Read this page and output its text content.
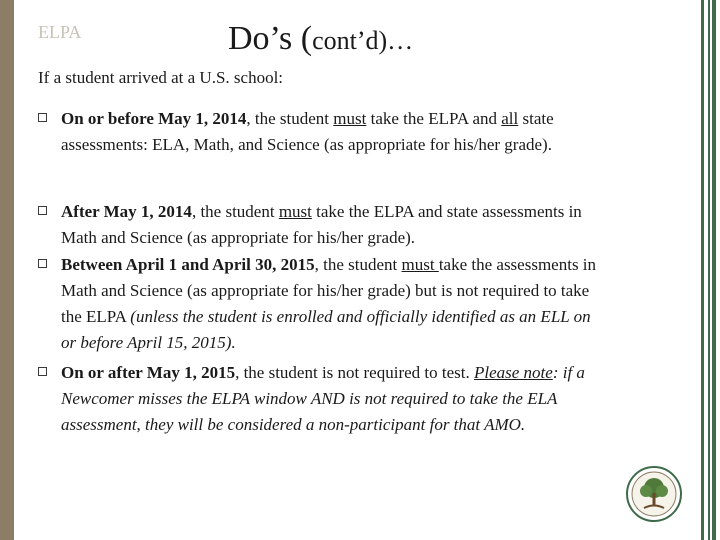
ELPA	Do’s (cont’d)…
If a student arrived at a U.S. school:
On or before May 1, 2014, the student must take the ELPA and all state assessments: ELA, Math, and Science (as appropriate for his/her grade).
After May 1, 2014, the student must take the ELPA and state assessments in Math and Science (as appropriate for his/her grade).
Between April 1 and April 30, 2015, the student must take the assessments in Math and Science (as appropriate for his/her grade) but is not required to take the ELPA (unless the student is enrolled and officially identified as an ELL on or before April 15, 2015).
On or after May 1, 2015, the student is not required to test. Please note: if a Newcomer misses the ELPA window AND is not required to take the ELA assessment, they will be considered a non-participant for that AMO.
